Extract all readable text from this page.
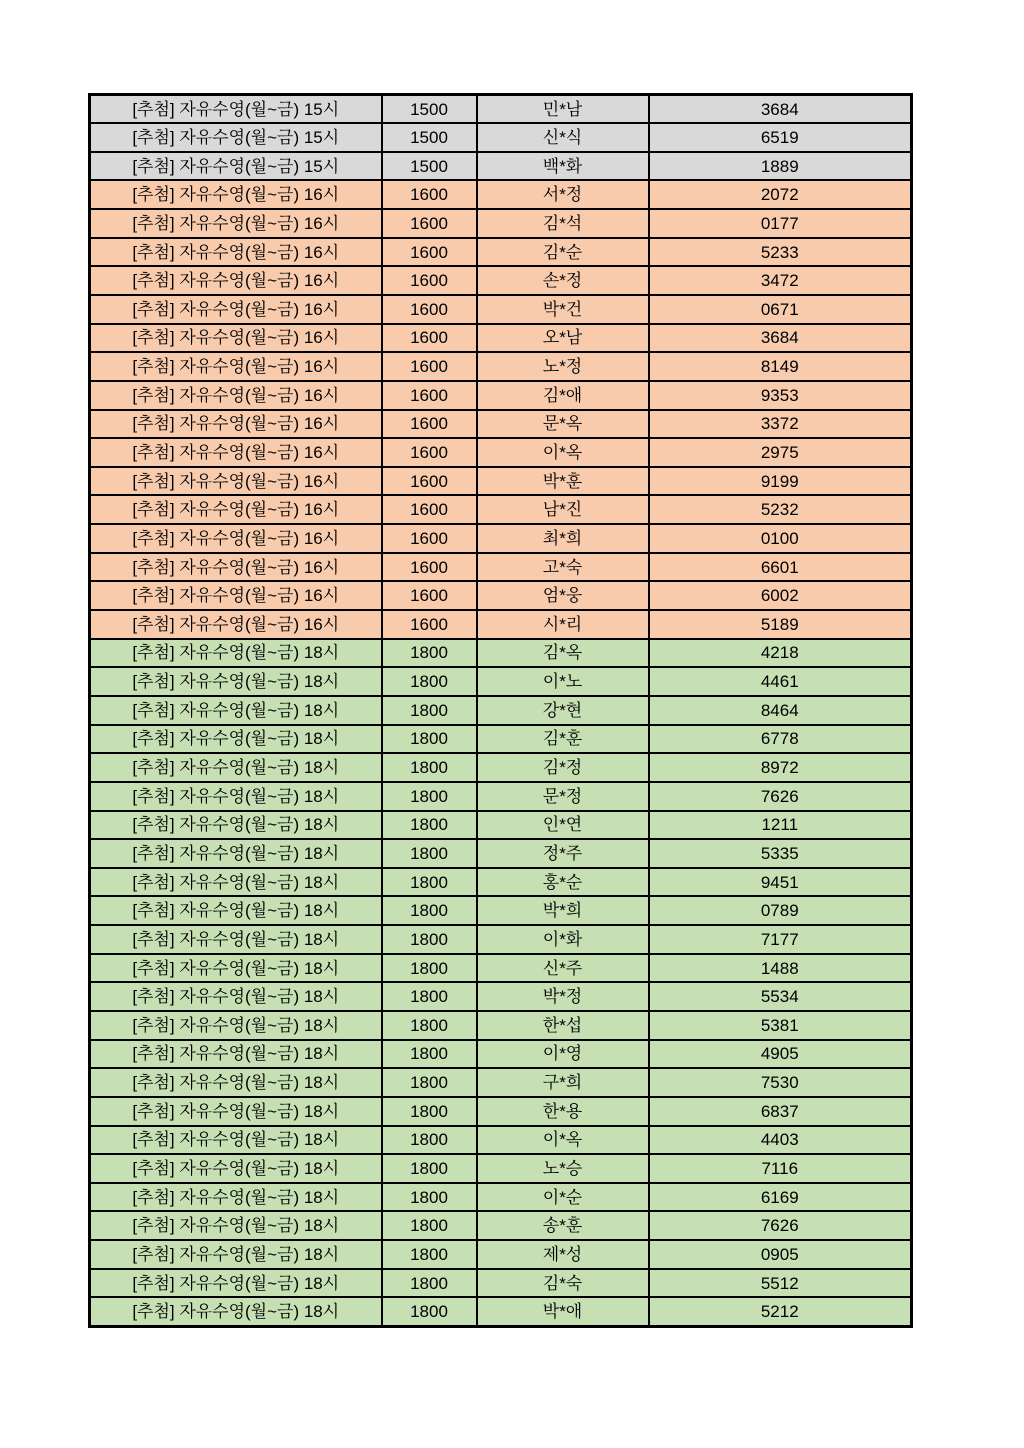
[추첨] 자유수영(월~금) 15시	1500	민*남	3684
[추첨] 자유수영(월~금) 15시	1500	신*식	6519
[추첨] 자유수영(월~금) 15시	1500	백*화	1889
[추첨] 자유수영(월~금) 16시	1600	서*정	2072
[추첨] 자유수영(월~금) 16시	1600	김*석	0177
[추첨] 자유수영(월~금) 16시	1600	김*순	5233
[추첨] 자유수영(월~금) 16시	1600	손*정	3472
[추첨] 자유수영(월~금) 16시	1600	박*건	0671
[추첨] 자유수영(월~금) 16시	1600	오*남	3684
[추첨] 자유수영(월~금) 16시	1600	노*정	8149
[추첨] 자유수영(월~금) 16시	1600	김*애	9353
[추첨] 자유수영(월~금) 16시	1600	문*옥	3372
[추첨] 자유수영(월~금) 16시	1600	이*옥	2975
[추첨] 자유수영(월~금) 16시	1600	박*훈	9199
[추첨] 자유수영(월~금) 16시	1600	남*진	5232
[추첨] 자유수영(월~금) 16시	1600	최*희	0100
[추첨] 자유수영(월~금) 16시	1600	고*숙	6601
[추첨] 자유수영(월~금) 16시	1600	엄*웅	6002
[추첨] 자유수영(월~금) 16시	1600	시*리	5189
[추첨] 자유수영(월~금) 18시	1800	김*옥	4218
[추첨] 자유수영(월~금) 18시	1800	이*노	4461
[추첨] 자유수영(월~금) 18시	1800	강*현	8464
[추첨] 자유수영(월~금) 18시	1800	김*훈	6778
[추첨] 자유수영(월~금) 18시	1800	김*정	8972
[추첨] 자유수영(월~금) 18시	1800	문*정	7626
[추첨] 자유수영(월~금) 18시	1800	인*연	1211
[추첨] 자유수영(월~금) 18시	1800	정*주	5335
[추첨] 자유수영(월~금) 18시	1800	홍*순	9451
[추첨] 자유수영(월~금) 18시	1800	박*희	0789
[추첨] 자유수영(월~금) 18시	1800	이*화	7177
[추첨] 자유수영(월~금) 18시	1800	신*주	1488
[추첨] 자유수영(월~금) 18시	1800	박*정	5534
[추첨] 자유수영(월~금) 18시	1800	한*섭	5381
[추첨] 자유수영(월~금) 18시	1800	이*영	4905
[추첨] 자유수영(월~금) 18시	1800	구*희	7530
[추첨] 자유수영(월~금) 18시	1800	한*용	6837
[추첨] 자유수영(월~금) 18시	1800	이*옥	4403
[추첨] 자유수영(월~금) 18시	1800	노*승	7116
[추첨] 자유수영(월~금) 18시	1800	이*순	6169
[추첨] 자유수영(월~금) 18시	1800	송*훈	7626
[추첨] 자유수영(월~금) 18시	1800	제*성	0905
[추첨] 자유수영(월~금) 18시	1800	김*숙	5512
[추첨] 자유수영(월~금) 18시	1800	박*애	5212
